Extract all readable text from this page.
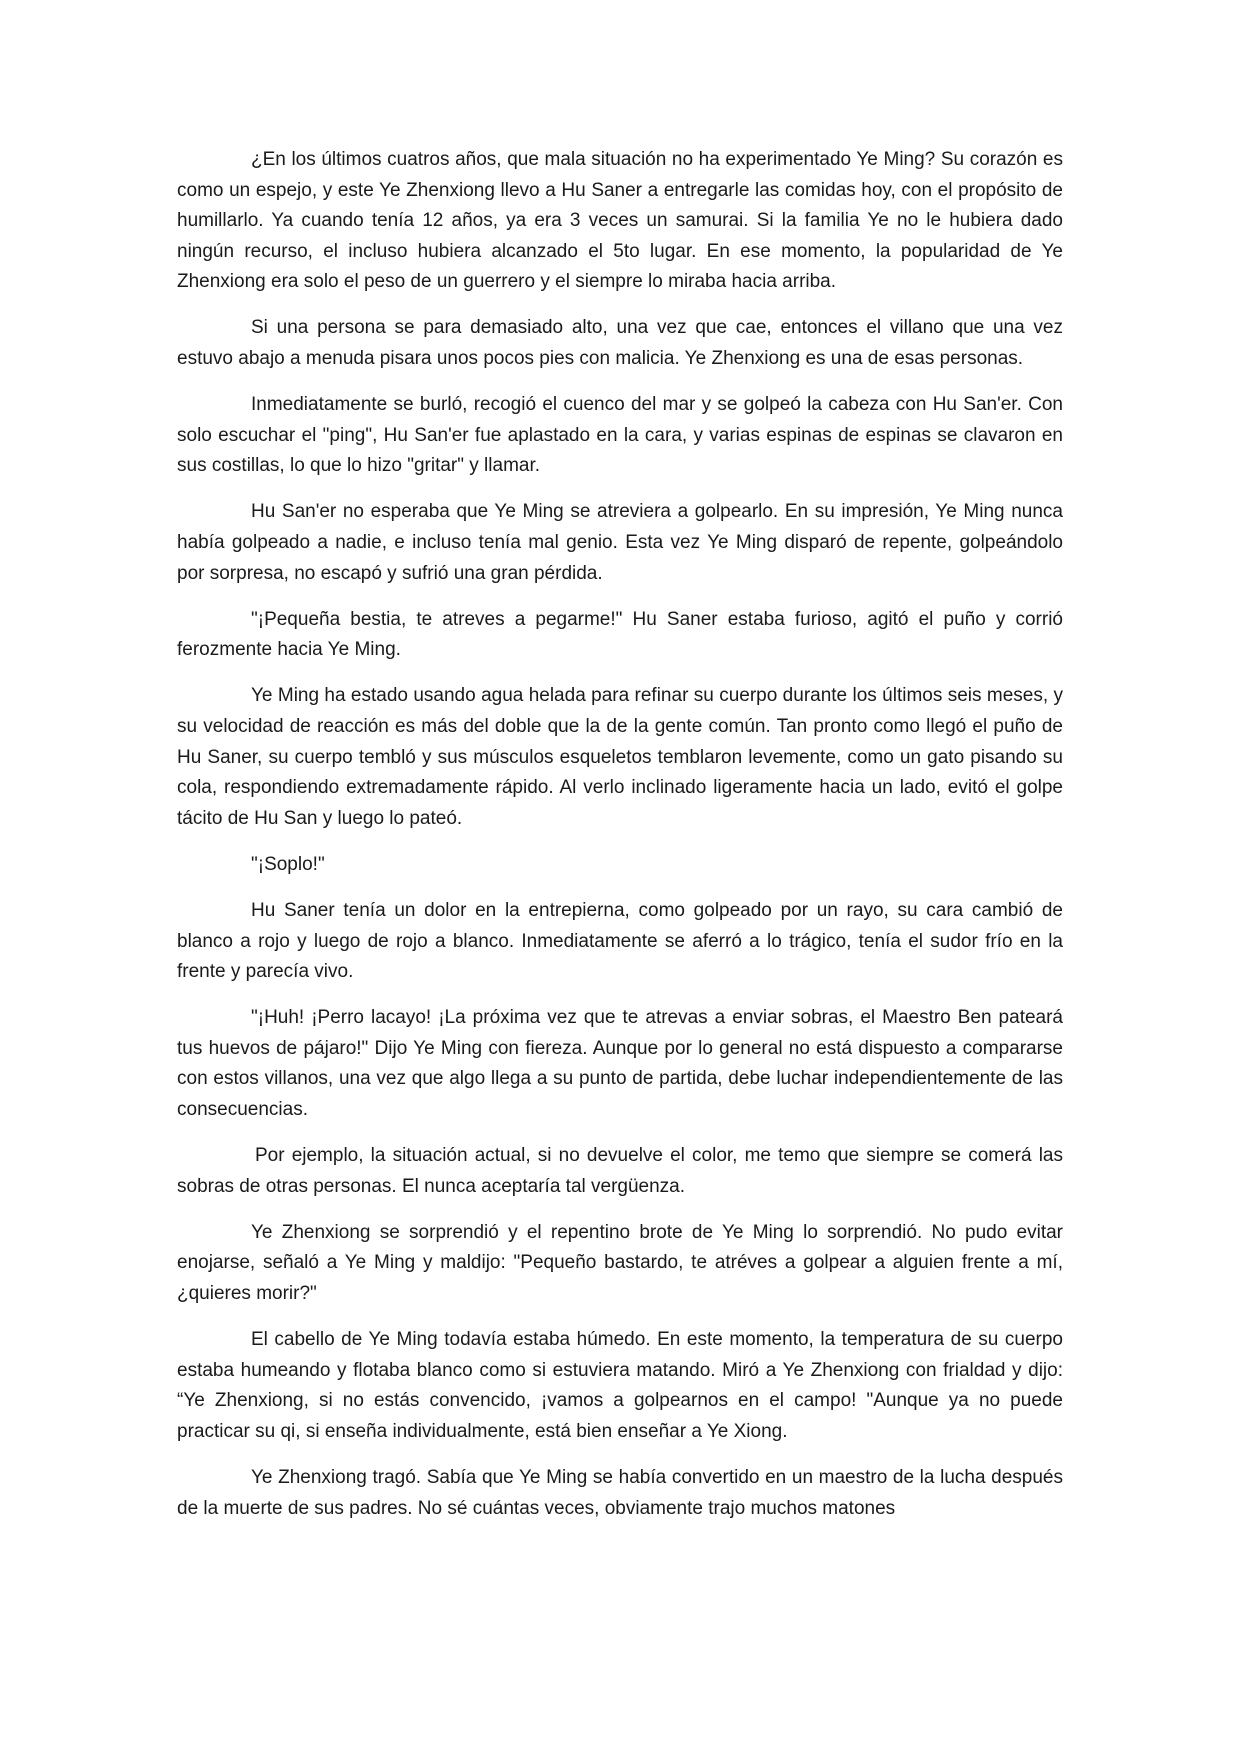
¿En los últimos cuatros años, que mala situación no ha experimentado Ye Ming? Su corazón es como un espejo, y este Ye Zhenxiong llevo a Hu Saner a entregarle las comidas hoy, con el propósito de humillarlo. Ya cuando tenía 12 años, ya era 3 veces un samurai. Si la familia Ye no le hubiera dado ningún recurso, el incluso hubiera alcanzado el 5to lugar. En ese momento, la popularidad de Ye Zhenxiong era solo el peso de un guerrero y el siempre lo miraba hacia arriba.

Si una persona se para demasiado alto, una vez que cae, entonces el villano que una vez estuvo abajo a menuda pisara unos pocos pies con malicia. Ye Zhenxiong es una de esas personas.

Inmediatamente se burló, recogió el cuenco del mar y se golpeó la cabeza con Hu San'er. Con solo escuchar el "ping", Hu San'er fue aplastado en la cara, y varias espinas de espinas se clavaron en sus costillas, lo que lo hizo "gritar" y llamar.

Hu San'er no esperaba que Ye Ming se atreviera a golpearlo. En su impresión, Ye Ming nunca había golpeado a nadie, e incluso tenía mal genio. Esta vez Ye Ming disparó de repente, golpeándolo por sorpresa, no escapó y sufrió una gran pérdida.

"¡Pequeña bestia, te atreves a pegarme!" Hu Saner estaba furioso, agitó el puño y corrió ferozmente hacia Ye Ming.

Ye Ming ha estado usando agua helada para refinar su cuerpo durante los últimos seis meses, y su velocidad de reacción es más del doble que la de la gente común. Tan pronto como llegó el puño de Hu Saner, su cuerpo tembló y sus músculos esqueletos temblaron levemente, como un gato pisando su cola, respondiendo extremadamente rápido. Al verlo inclinado ligeramente hacia un lado, evitó el golpe tácito de Hu San y luego lo pateó.

"¡Soplo!"

Hu Saner tenía un dolor en la entrepierna, como golpeado por un rayo, su cara cambió de blanco a rojo y luego de rojo a blanco. Inmediatamente se aferró a lo trágico, tenía el sudor frío en la frente y parecía vivo.

"¡Huh! ¡Perro lacayo! ¡La próxima vez que te atrevas a enviar sobras, el Maestro Ben pateará tus huevos de pájaro!" Dijo Ye Ming con fiereza. Aunque por lo general no está dispuesto a compararse con estos villanos, una vez que algo llega a su punto de partida, debe luchar independientemente de las consecuencias.

Por ejemplo, la situación actual, si no devuelve el color, me temo que siempre se comerá las sobras de otras personas. El nunca aceptaría tal vergüenza.

Ye Zhenxiong se sorprendió y el repentino brote de Ye Ming lo sorprendió. No pudo evitar enojarse, señaló a Ye Ming y maldijo: "Pequeño bastardo, te atréves a golpear a alguien frente a mí, ¿quieres morir?"

El cabello de Ye Ming todavía estaba húmedo. En este momento, la temperatura de su cuerpo estaba humeando y flotaba blanco como si estuviera matando. Miró a Ye Zhenxiong con frialdad y dijo: “Ye Zhenxiong, si no estás convencido, ¡vamos a golpearnos en el campo! "Aunque ya no puede practicar su qi, si enseña individualmente, está bien enseñar a Ye Xiong.

Ye Zhenxiong tragó. Sabía que Ye Ming se había convertido en un maestro de la lucha después de la muerte de sus padres. No sé cuántas veces, obviamente trajo muchos matones
